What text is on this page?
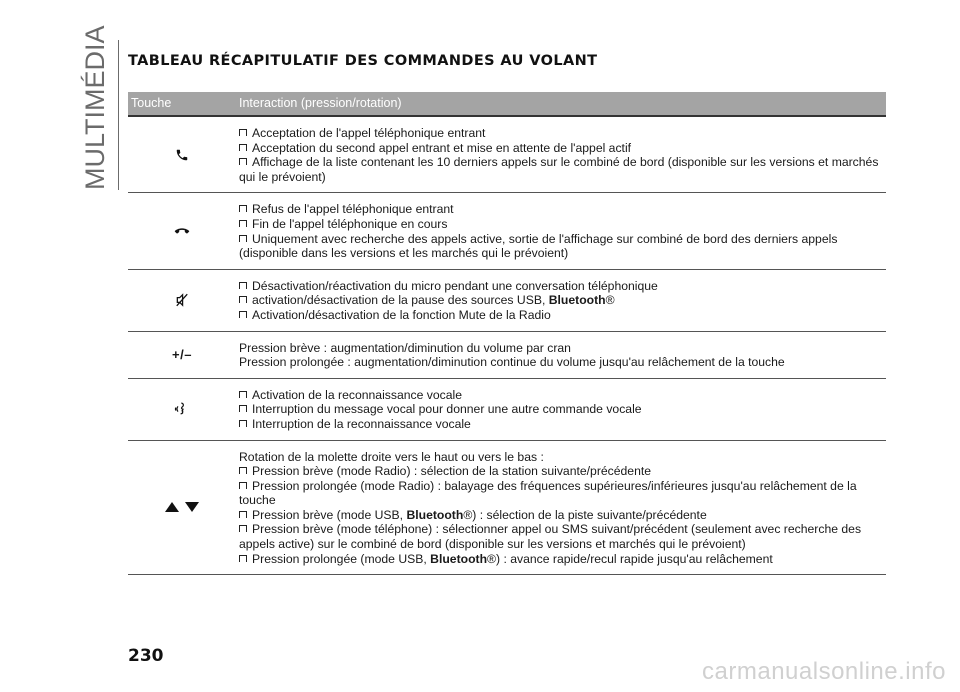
MULTIMÉDIA TABLEAU RÉCAPITULATIF DES COMMANDES AU VOLANT
Touche	Interaction (pression/rotation)
Acceptation de l'appel téléphonique entrant
Acceptation du second appel entrant et mise en attente de l'appel actif
Affichage de la liste contenant les 10 derniers appels sur le combiné de bord (disponible sur les versions et marchés
qui le prévoient)
Refus de l'appel téléphonique entrant
Fin de l'appel téléphonique en cours
Uniquement avec recherche des appels active, sortie de l'affichage sur combiné de bord des derniers appels
(disponible dans les versions et les marchés qui le prévoient)
Désactivation/réactivation du micro pendant une conversation téléphonique
activation/désactivation de la pause des sources USB, Bluetooth®
Activation/désactivation de la fonction Mute de la Radio
+/–	Pression brève : augmentation/diminution du volume par cran
Pression prolongée : augmentation/diminution continue du volume jusqu'au relâchement de la touche
Activation de la reconnaissance vocale
Interruption du message vocal pour donner une autre commande vocale
Interruption de la reconnaissance vocale
Rotation de la molette droite vers le haut ou vers le bas :
Pression brève (mode Radio) : sélection de la station suivante/précédente
Pression prolongée (mode Radio) : balayage des fréquences supérieures/inférieures jusqu'au relâchement de la touche
Pression brève (mode USB, Bluetooth®) : sélection de la piste suivante/précédente
Pression brève (mode téléphone) : sélectionner appel ou SMS suivant/précédent (seulement avec recherche des
appels active) sur le combiné de bord (disponible sur les versions et marchés qui le prévoient)
Pression prolongée (mode USB, Bluetooth®) : avance rapide/recul rapide jusqu'au relâchement
230
carmanualsonline.info
